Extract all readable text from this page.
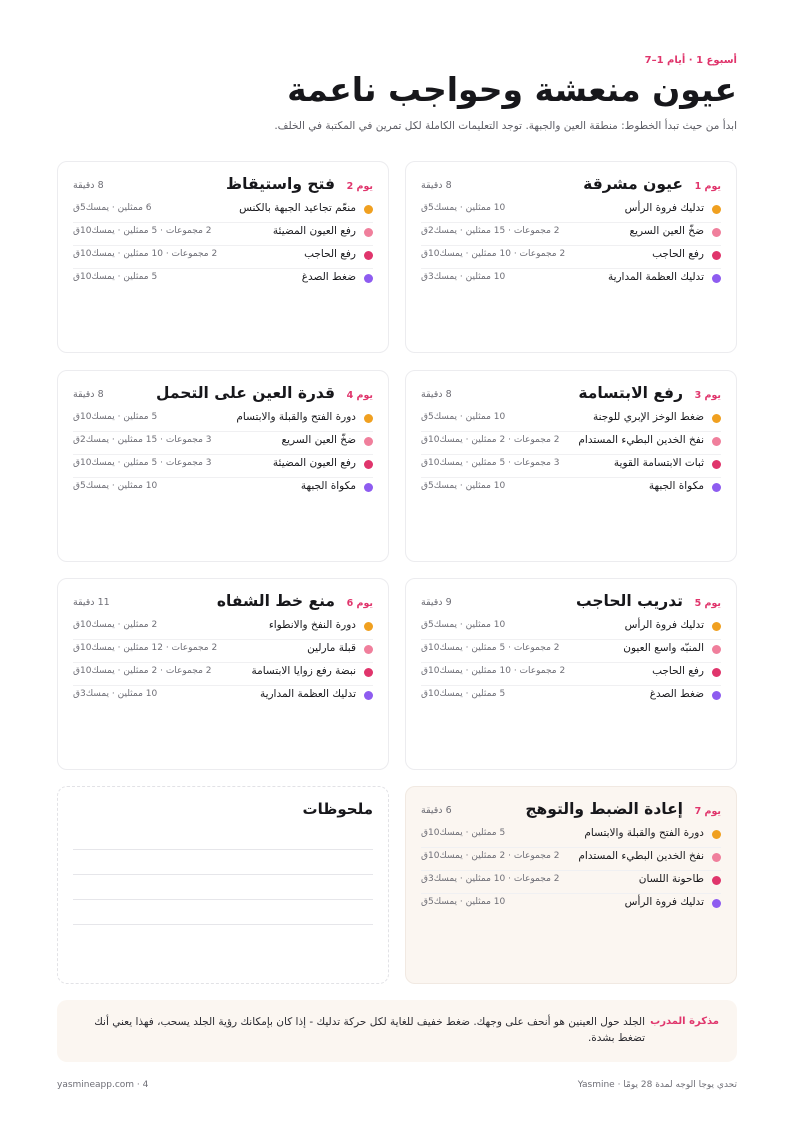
أسبوع 1 · أيام 1–7
عيون منعشة وحواجب ناعمة
ابدأ من حيث تبدأ الخطوط: منطقة العين والجبهة. توجد التعليمات الكاملة لكل تمرين في المكتبة في الخلف.
يوم 1
عيون مشرقة
8 دقيقة
تدليك فروة الرأس
10 ممثلين · يمسك5ق
ضخّ العين السريع
2 مجموعات · 15 ممثلين · يمسك2ق
رفع الحاجب
2 مجموعات · 10 ممثلين · يمسك10ق
تدليك العظمة المدارية
10 ممثلين · يمسك3ق
يوم 2
فتح واستيقاظ
8 دقيقة
منعّم تجاعيد الجبهة بالكنس
6 ممثلين · يمسك5ق
رفع العيون المضيئة
2 مجموعات · 5 ممثلين · يمسك10ق
رفع الحاجب
2 مجموعات · 10 ممثلين · يمسك10ق
ضغط الصدغ
5 ممثلين · يمسك10ق
يوم 3
رفع الابتسامة
8 دقيقة
ضغط الوخز الإبري للوجنة
10 ممثلين · يمسك5ق
نفخ الخدين البطيء المستدام
2 مجموعات · 2 ممثلين · يمسك10ق
ثبات الابتسامة القوية
3 مجموعات · 5 ممثلين · يمسك10ق
مكواة الجبهة
10 ممثلين · يمسك5ق
يوم 4
قدرة العين على التحمل
8 دقيقة
دورة الفتح والقبلة والابتسام
5 ممثلين · يمسك10ق
ضخّ العين السريع
3 مجموعات · 15 ممثلين · يمسك2ق
رفع العيون المضيئة
3 مجموعات · 5 ممثلين · يمسك10ق
مكواة الجبهة
10 ممثلين · يمسك5ق
يوم 5
تدريب الحاجب
9 دقيقة
تدليك فروة الرأس
10 ممثلين · يمسك5ق
المنبّه واسع العيون
2 مجموعات · 5 ممثلين · يمسك10ق
رفع الحاجب
2 مجموعات · 10 ممثلين · يمسك10ق
ضغط الصدغ
5 ممثلين · يمسك10ق
يوم 6
منع خط الشفاه
11 دقيقة
دورة النفخ والانطواء
2 ممثلين · يمسك10ق
قبلة مارلين
2 مجموعات · 12 ممثلين · يمسك10ق
نبضة رفع زوايا الابتسامة
2 مجموعات · 2 ممثلين · يمسك10ق
تدليك العظمة المدارية
10 ممثلين · يمسك3ق
يوم 7
إعادة الضبط والتوهج
6 دقيقة
دورة الفتح والقبلة والابتسام
5 ممثلين · يمسك10ق
نفخ الخدين البطيء المستدام
2 مجموعات · 2 ممثلين · يمسك10ق
طاحونة اللسان
2 مجموعات · 10 ممثلين · يمسك3ق
تدليك فروة الرأس
10 ممثلين · يمسك5ق
ملحوظات
مذكرة المدرب
الجلد حول العينين هو أنحف على وجهك. ضغط خفيف للغاية لكل حركة تدليك - إذا كان بإمكانك رؤية الجلد يسحب، فهذا يعني أنك تضغط بشدة.
تحدي يوجا الوجه لمدة 28 يومًا · Yasmine
yasmineapp.com · 4
